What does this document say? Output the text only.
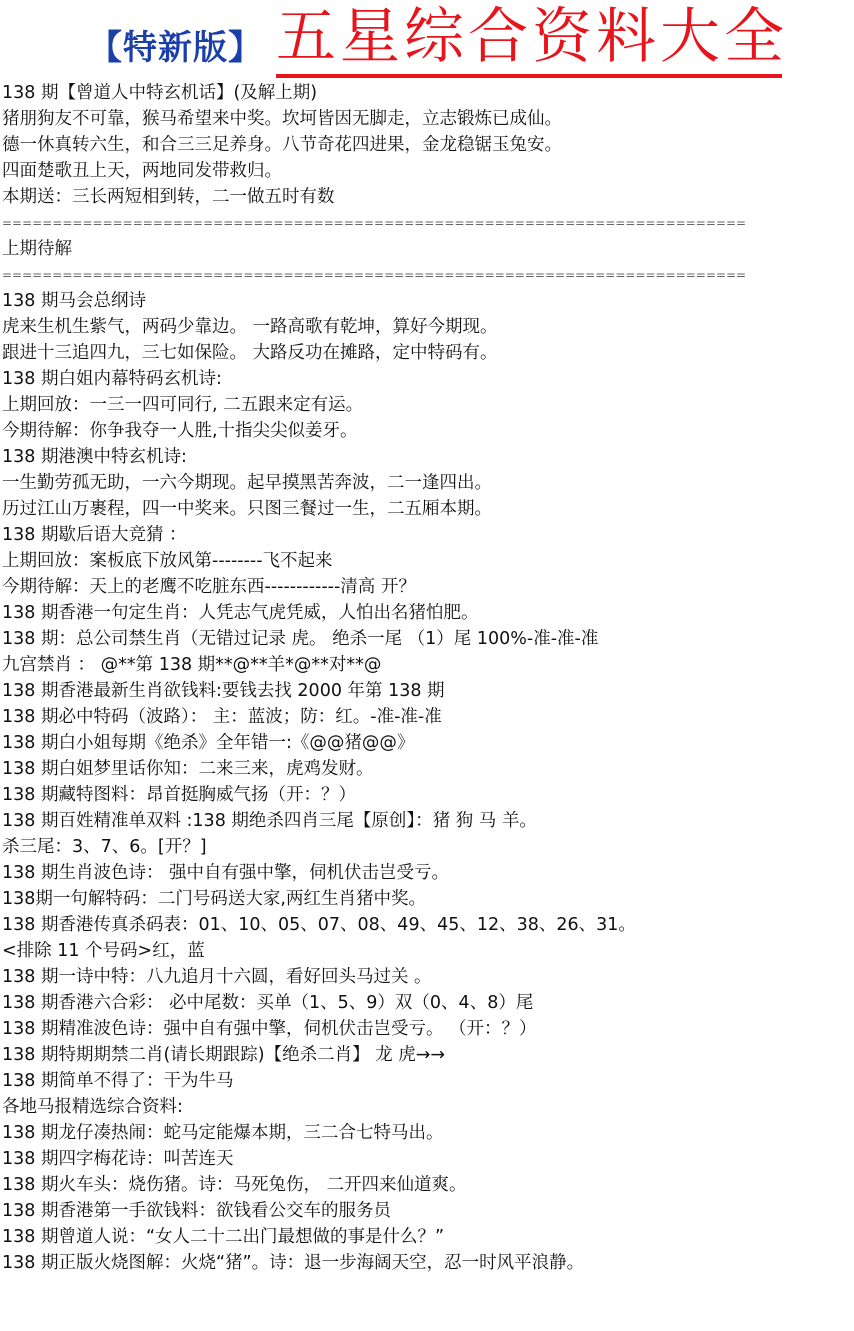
【特新版】 五星综合资料大全
138 期【曾道人中特玄机话】(及解上期)
猪朋狗友不可靠，猴马希望来中奖。坎坷皆因无脚走，立志锻炼已成仙。
德一休真转六生，和合三三足养身。八节奇花四进果，金龙稳锯玉兔安。
四面楚歌丑上天，两地同发带救归。
本期送：三长两短相到转，二一做五时有数
==========================================================================
上期待解
==========================================================================
138 期马会总纲诗
虎来生机生紫气，两码少靠边。 一路高歌有乾坤，算好今期现。
跟进十三追四九，三七如保险。 大路反功在摊路，定中特码有。
138 期白姐内幕特码玄机诗:
上期回放：一三一四可同行, 二五跟来定有运。
今期待解：你争我夺一人胜,十指尖尖似姜牙。
138 期港澳中特玄机诗:
一生勤劳孤无助，一六今期现。起早摸黑苦奔波，二一逢四出。
历过江山万裹程，四一中奖来。只图三餐过一生，二五厢本期。
138 期歇后语大竞猜 ：
上期回放：案板底下放风第--------飞不起来
今期待解：天上的老鹰不吃脏东西------------清高 开？
138 期香港一句定生肖：人凭志气虎凭威，人怕出名猪怕肥。
138 期：总公司禁生肖（无错过记录 虎。 绝杀一尾 （1）尾 100%-准-准-准
九宫禁肖 ： @**第 138 期**@**羊*@**对**@
138 期香港最新生肖欲钱料:要钱去找 2000 年第 138 期
138 期必中特码（波路）： 主：蓝波；防：红。-准-准-准
138 期白小姐每期《绝杀》全年错一:《@@猪@@》
138 期白姐梦里话你知：二来三来，虎鸡发财。
138 期藏特图料：昂首挺胸威气扬（开：？）
138 期百姓精准单双料 :138 期绝杀四肖三尾【原创】：猪 狗 马 羊。
杀三尾：3、7、6。[开？]
138 期生肖波色诗： 强中自有强中擎，伺机伏击岂受亏。
138期一句解特码：二门号码送大家,两红生肖猪中奖。
138 期香港传真杀码表：01、10、05、07、08、49、45、12、38、26、31。
<排除 11 个号码>红，蓝
138 期一诗中特：八九追月十六圆，看好回头马过关 。
138 期香港六合彩： 必中尾数：买单（1、5、9）双（0、4、8）尾
138 期精准波色诗：强中自有强中擎，伺机伏击岂受亏。 （开：？）
138 期特期期禁二肖(请长期跟踪)【绝杀二肖】 龙 虎→→
138 期简单不得了：干为牛马
各地马报精选综合资料:
138 期龙仔凑热闹：蛇马定能爆本期，三二合七特马出。
138 期四字梅花诗：叫苦连天
138 期火车头：烧伤猪。诗：马死兔伤， 二开四来仙道爽。
138 期香港第一手欲钱料：欲钱看公交车的服务员
138 期曾道人说：“女人二十二出门最想做的事是什么？”
138 期正版火烧图解：火烧“猪”。诗：退一步海阔天空，忍一时风平浪静。
